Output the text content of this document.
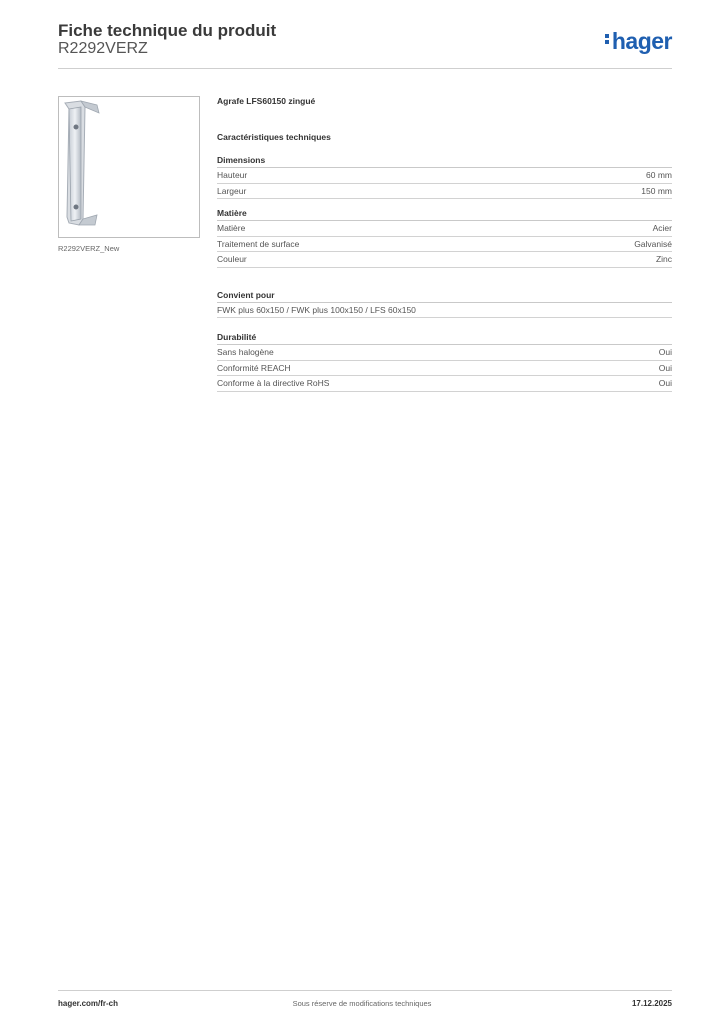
Fiche technique du produit
R2292VERZ	hager
R2292VERZ_New
Agrafe LFS60150 zingué
Caractéristiques techniques
Dimensions
Hauteur	60 mm
Largeur	150 mm
Matière
Matière	Acier
Traitement de surface	Galvanisé
Couleur	Zinc
Convient pour
FWK plus 60x150 / FWK plus 100x150 / LFS 60x150
Durabilité
Sans halogène	Oui
Conformité REACH	Oui
Conforme à la directive RoHS	Oui
hager.com/fr-ch	Sous réserve de modifications techniques	17.12.2025
